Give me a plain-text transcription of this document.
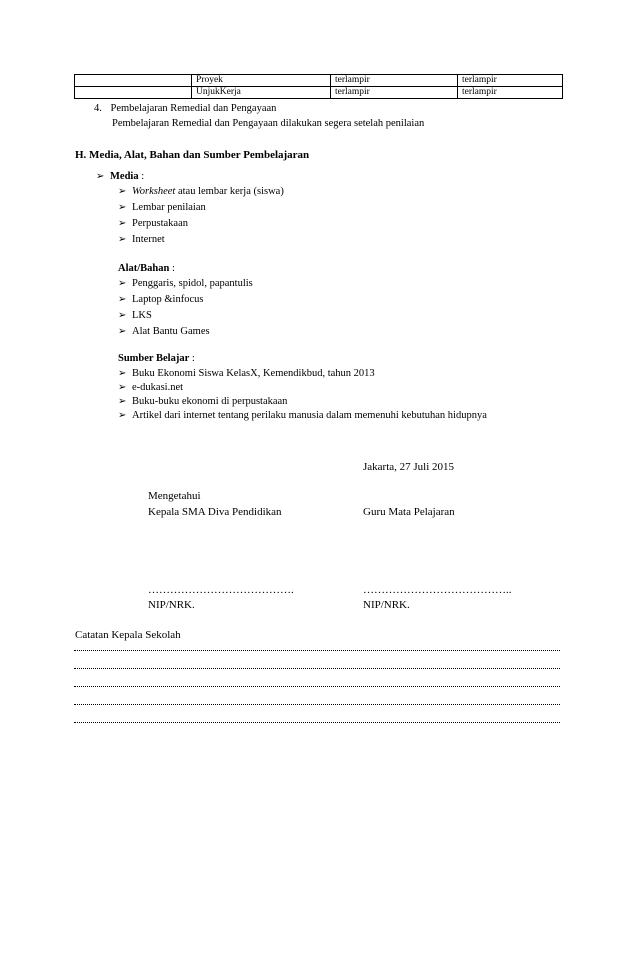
	Proyek	terlampir	terlampir
	UnjukKerja	terlampir	terlampir
4. Pembelajaran Remedial dan Pengayaan
Pembelajaran Remedial dan Pengayaan dilakukan segera setelah penilaian
H. Media, Alat, Bahan dan Sumber Pembelajaran
➢ Media :
➢ Worksheet atau lembar kerja (siswa)
➢ Lembar penilaian
➢ Perpustakaan
➢ Internet
Alat/Bahan :
➢ Penggaris, spidol, papantulis
➢ Laptop &infocus
➢ LKS
➢ Alat Bantu Games
Sumber Belajar :
➢ Buku Ekonomi Siswa KelasX, Kemendikbud, tahun 2013
➢ e-dukasi.net
➢ Buku-buku ekonomi di perpustakaan
➢ Artikel dari internet tentang perilaku manusia dalam memenuhi kebutuhan hidupnya
Jakarta, 27 Juli 2015
Mengetahui
Kepala SMA Diva Pendidikan	Guru Mata Pelajaran
………………………………….	…………………………………..
NIP/NRK.	NIP/NRK.
Catatan Kepala Sekolah
